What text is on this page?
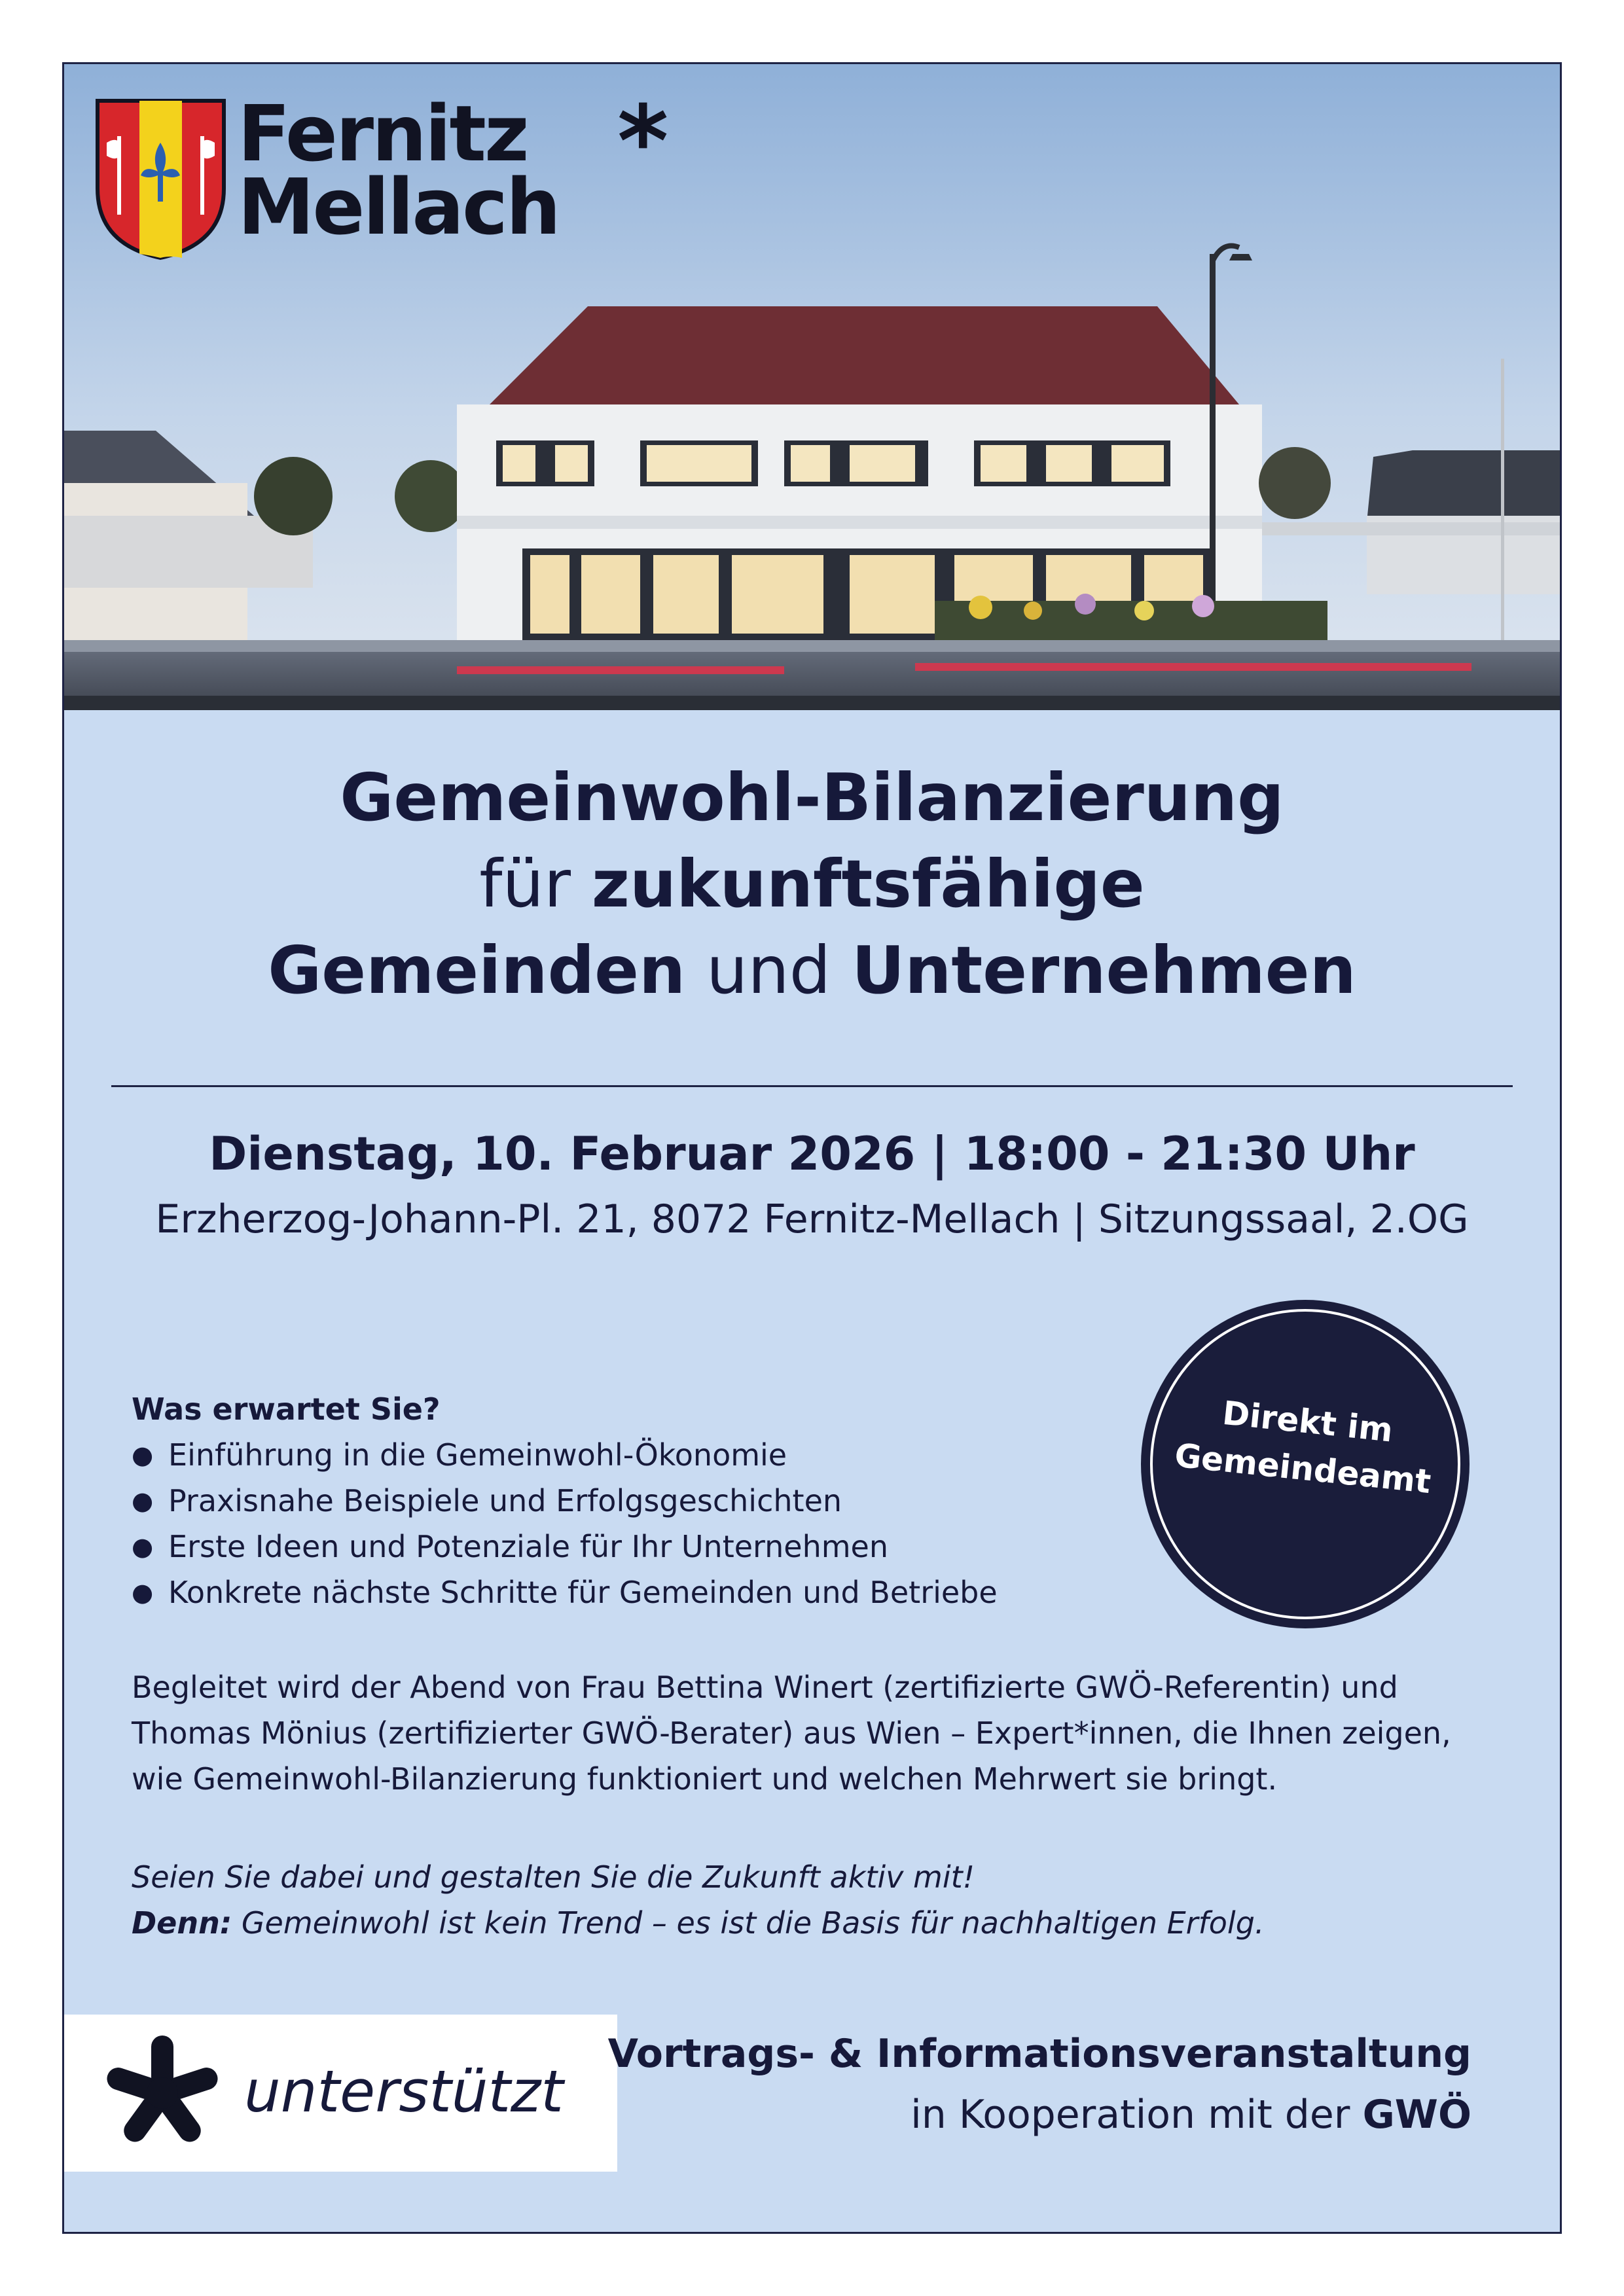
Fernitz
Mellach
*
Gemeinwohl-Bilanzierung
für zukunftsfähige
Gemeinden und Unternehmen
Dienstag, 10. Februar 2026 | 18:00 - 21:30 Uhr
Erzherzog-Johann-Pl. 21, 8072 Fernitz-Mellach | Sitzungssaal, 2.OG
Direkt im
Gemeindeamt
Was erwartet Sie?
● Einführung in die Gemeinwohl-Ökonomie
● Praxisnahe Beispiele und Erfolgsgeschichten
● Erste Ideen und Potenziale für Ihr Unternehmen
● Konkrete nächste Schritte für Gemeinden und Betriebe
Begleitet wird der Abend von Frau Bettina Winert (zertifizierte GWÖ-Referentin) und
Thomas Mönius (zertifizierter GWÖ-Berater) aus Wien – Expert*innen, die Ihnen zeigen,
wie Gemeinwohl-Bilanzierung funktioniert und welchen Mehrwert sie bringt.
Seien Sie dabei und gestalten Sie die Zukunft aktiv mit!
Denn: Gemeinwohl ist kein Trend – es ist die Basis für nachhaltigen Erfolg.
unterstützt
Vortrags- & Informationsveranstaltung
in Kooperation mit der GWÖ
